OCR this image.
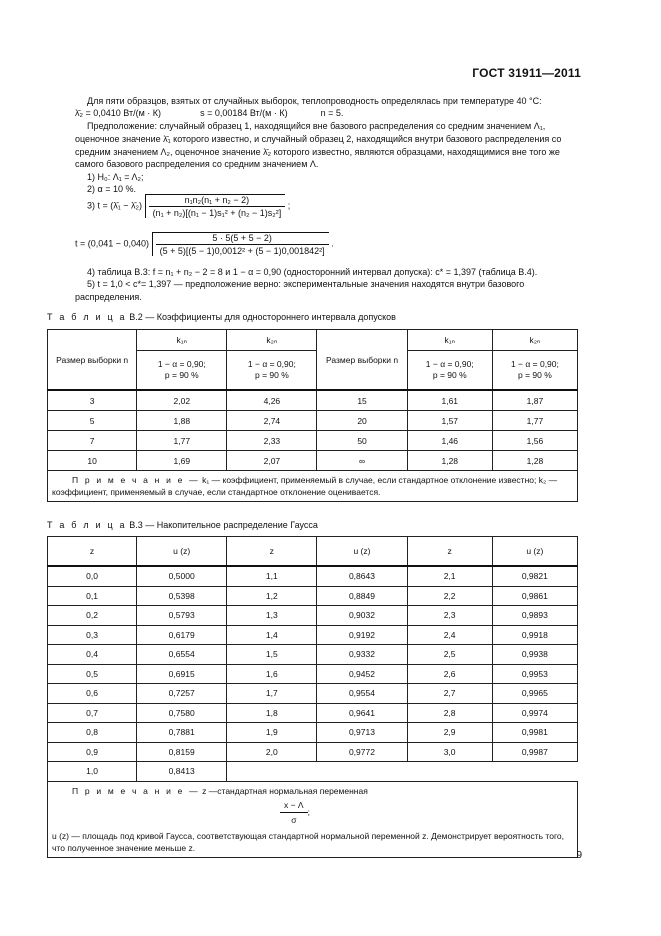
ГОСТ 31911—2011

Для пяти образцов, взятых от случайных выборок, теплопроводность определялась при температуре 40 °С:

λ̄₂ = 0,0410 Вт/(м · К)	s = 0,00184 Вт/(м · К)	n = 5.

Предположение: случайный образец 1, находящийся вне базового распределения со средним значением Λ₁, оценочное значение λ̄₁ которого известно, и случайный образец 2, находящийся внутри базового распределения со средним значением Λ₂, оценочное значение λ̄₂ которого известно, являются образцами, находящимися вне того же самого базового распределения со средним значением Λ.

1) H₀: Λ₁ = Λ₂;
2) α = 10 %.
3) t = (λ̄₁ − λ̄₂) $\frac{\text{n₁n₂(n₁ + n₂ − 2)}}{\text{(n₁ + n₂)[(n₁ − 1)s₁² + (n₂ − 1)s₂²]}}$ ;
$t = (0,041 - 0,040) \frac{5 \cdot 5(5 + 5 - 2)}{\text{(5 + 5)[(5 − 1)0,0012² + (5 − 1)0,001842²]}}$ .
4) таблица В.3: f = n₁ + n₂ − 2 = 8 и 1 − α = 0,90 (односторонний интервал допуска): c* = 1,397 (таблица В.4).
5) t = 1,0 < c*= 1,397 — предположение верно: экспериментальные значения находятся внутри базового распределения.
Т а б л и ц а В.2 — Коэффициенты для одностороннего интервала допусков
Размер выборки n	k₁ₙ	k₂ₙ	Размер выборки n	k₁ₙ	k₂ₙ
	1 − α = 0,90;
p = 90 %	1 − α = 0,90;
p = 90 %		1 − α = 0,90;
p = 90 %	1 − α = 0,90;
p = 90 %
3	2,02	4,26	15	1,61	1,87
5	1,88	2,74	20	1,57	1,77
7	1,77	2,33	50	1,46	1,56
10	1,69	2,07	∞	1,28	1,28
П р и м е ч а н и е — k₁ — коэффициент, применяемый в случае, если стандартное отклонение известно; k₂ — коэффициент, применяемый в случае, если стандартное отклонение оценивается.					
Т а б л и ц а В.3 — Накопительное распределение Гаусса
z	u (z)	z	u (z)	z	u (z)
0,0	0,5000	1,1	0,8643	2,1	0,9821
0,1	0,5398	1,2	0,8849	2,2	0,9861
0,2	0,5793	1,3	0,9032	2,3	0,9893
0,3	0,6179	1,4	0,9192	2,4	0,9918
0,4	0,6554	1,5	0,9332	2,5	0,9938
0,5	0,6915	1,6	0,9452	2,6	0,9953
0,6	0,7257	1,7	0,9554	2,7	0,9965
0,7	0,7580	1,8	0,9641	2,8	0,9974
0,8	0,7881	1,9	0,9713	2,9	0,9981
0,9	0,8159	2,0	0,9772	3,0	0,9987
1,0	0,8413				

П р и м е ч а н и е — z —стандартная нормальная переменная
$\frac{x - \Lambda}{\sigma}$ ;
u (z) — площадь под кривой Гаусса, соответствующая стандартной нормальной переменной z. Демонстрирует вероятность того, что полученное значение меньше z.					
9
